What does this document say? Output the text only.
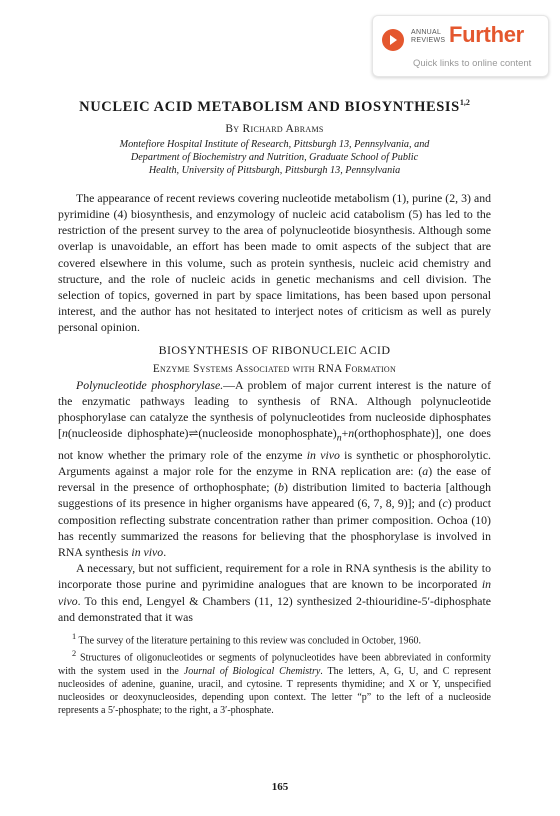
ANNUAL
REVIEWS Further
Quick links to online content
NUCLEIC ACID METABOLISM AND BIOSYNTHESIS$^{1,2}$
By Richard Abrams
Montefiore Hospital Institute of Research, Pittsburgh 13, Pennsylvania, and
Department of Biochemistry and Nutrition, Graduate School of Public
Health, University of Pittsburgh, Pittsburgh 13, Pennsylvania

The appearance of recent reviews covering nucleotide metabolism (1), purine (2, 3) and pyrimidine (4) biosynthesis, and enzymology of nucleic acid catabolism (5) has led to the restriction of the present survey to the area of polynucleotide biosynthesis. Although some overlap is unavoidable, an effort has been made to omit aspects of the subject that are covered elsewhere in this volume, such as protein synthesis, nucleic acid chemistry and structure, and the role of nucleic acids in genetic mechanisms and cell division. The selection of topics, governed in part by space limitations, has been based upon personal interest, and the author has not hesitated to interject notes of criticism as well as purely personal opinion.

BIOSYNTHESIS OF RIBONUCLEIC ACID
Enzyme Systems Associated with RNA Formation

Polynucleotide phosphorylase.—A problem of major current interest is the nature of the enzymatic pathways leading to synthesis of RNA. Although polynucleotide phosphorylase can catalyze the synthesis of polynucleotides from nucleoside diphosphates [n(nucleoside diphosphate)⇌(nucleoside $monophosphate)_n+n(orthophosphate)$], one does not know whether the primary role of the enzyme in vivo is synthetic or phosphorolytic. Arguments against a major role for the enzyme in RNA replication are: (a) the ease of reversal in the presence of orthophosphate; (b) distribution limited to bacteria [although suggestions of its presence in higher organisms have appeared (6, 7, 8, 9)]; and (c) product composition reflecting substrate concentration rather than primer composition. Ochoa (10) has recently summarized the reasons for believing that the phosphorylase is involved in RNA synthesis in vivo.

A necessary, but not sufficient, requirement for a role in RNA synthesis is the ability to incorporate those purine and pyrimidine analogues that are known to be incorporated in vivo. To this end, Lengyel & Chambers (11, 12) synthesized 2-thiouridine-5′-diphosphate and demonstrated that it was

$^1$ The survey of the literature pertaining to this review was concluded in October, 1960.

$^2$ Structures of oligonucleotides or segments of polynucleotides have been abbreviated in conformity with the system used in the Journal of Biological Chemistry. The letters, A, G, U, and C represent nucleosides of adenine, guanine, uracil, and cytosine. T represents thymidine; and X or Y, unspecified nucleosides or deoxynucleosides, depending upon context. The letter “p” to the left of a nucleoside represents a 5′-phosphate; to the right, a 3′-phosphate.

165
